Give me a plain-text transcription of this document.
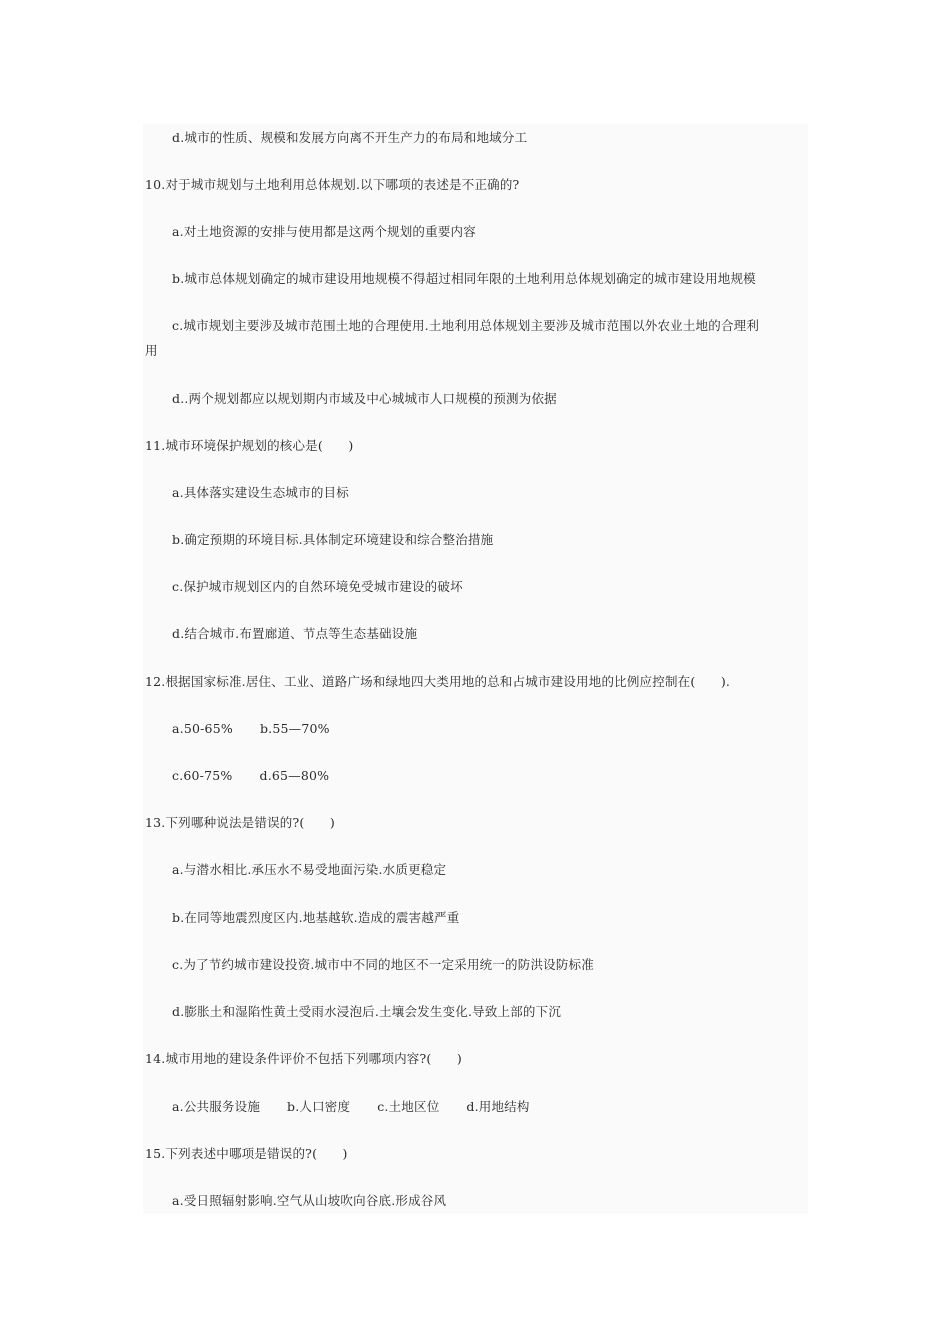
d.城市的性质、规模和发展方向离不开生产力的布局和地域分工
10.对于城市规划与土地利用总体规划.以下哪项的表述是不正确的?
a.对土地资源的安排与使用都是这两个规划的重要内容
b.城市总体规划确定的城市建设用地规模不得超过相同年限的土地利用总体规划确定的城市建设用地规模
c.城市规划主要涉及城市范围土地的合理使用.土地利用总体规划主要涉及城市范围以外农业土地的合理利
用
d..两个规划都应以规划期内市域及中心城城市人口规模的预测为依据
11.城市环境保护规划的核心是(　　)
a.具体落实建设生态城市的目标
b.确定预期的环境目标.具体制定环境建设和综合整治措施
c.保护城市规划区内的自然环境免受城市建设的破坏
d.结合城市.布置廊道、节点等生态基础设施
12.根据国家标准.居住、工业、道路广场和绿地四大类用地的总和占城市建设用地的比例应控制在(　　).
a.50-65% b.55—70%
c.60-75% d.65—80%
13.下列哪种说法是错误的?(　　)
a.与潜水相比.承压水不易受地面污染.水质更稳定
b.在同等地震烈度区内.地基越软.造成的震害越严重
c.为了节约城市建设投资.城市中不同的地区不一定采用统一的防洪设防标准
d.膨胀土和湿陷性黄土受雨水浸泡后.土壤会发生变化.导致上部的下沉
14.城市用地的建设条件评价不包括下列哪项内容?(　　)
a.公共服务设施 b.人口密度 c.土地区位 d.用地结构
15.下列表述中哪项是错误的?(　　)
a.受日照辐射影响.空气从山坡吹向谷底.形成谷风
